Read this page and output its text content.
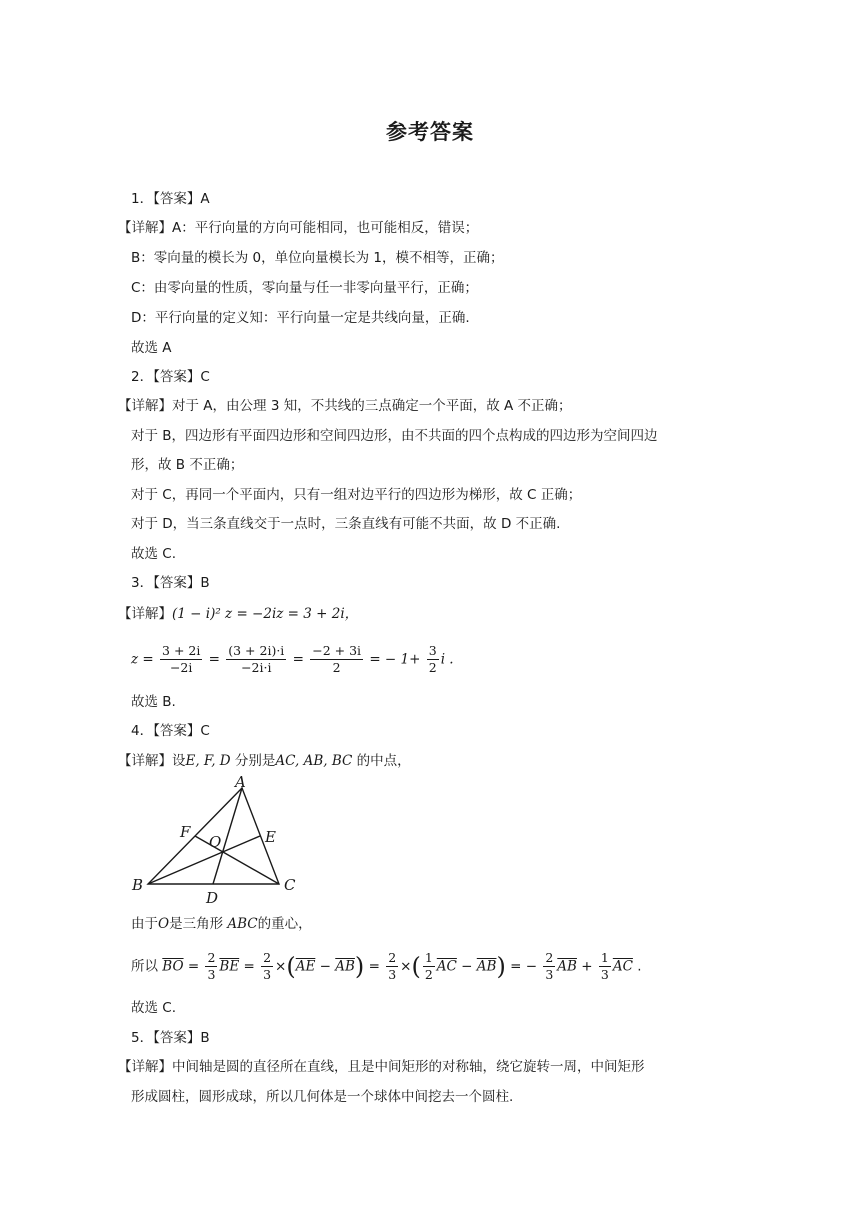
参考答案
1．【答案】A
【详解】A：平行向量的方向可能相同，也可能相反，错误；
B：零向量的模长为 0，单位向量模长为 1，模不相等，正确；
C：由零向量的性质，零向量与任一非零向量平行，正确；
D：平行向量的定义知：平行向量一定是共线向量，正确.
故选 A
2．【答案】C
【详解】对于 A，由公理 3 知，不共线的三点确定一个平面，故 A 不正确；
对于 B，四边形有平面四边形和空间四边形，由不共面的四个点构成的四边形为空间四边
形，故 B 不正确；
对于 C，再同一个平面内，只有一组对边平行的四边形为梯形，故 C 正确；
对于 D，当三条直线交于一点时，三条直线有可能不共面，故 D 不正确.
故选 C.
3．【答案】B
【详解】(1 − i)² z = −2iz = 3 + 2i，
$z = \frac{3 + 2i}{-2i} = \frac{(3 + 2i)\cdot i}{-2i\cdot i} = \frac{-2 + 3i}{2}$ = − $1+ \frac{3}{2}$ i .
故选 B.
4．【答案】C
【详解】设E, F, D 分别是AC, AB, BC 的中点，
A
B	C
D
E
F
O
由于O是三角形 ABC的重心，
所以 $\overline{BO} = \frac{2}{3} \overline{BE} = \frac{2}{3} \times(\overline{AE} - \overline{AB}) = \frac{2}{3}$ ×( $\frac{1}{2} \overline{AC} - \overline{AB}$) = − $\frac{2}{3} \overline{AB} + \frac{1}{3} \overline{AC}$ .
故选 C.
5．【答案】B
【详解】中间轴是圆的直径所在直线，且是中间矩形的对称轴，绕它旋转一周，中间矩形
形成圆柱，圆形成球，所以几何体是一个球体中间挖去一个圆柱.
